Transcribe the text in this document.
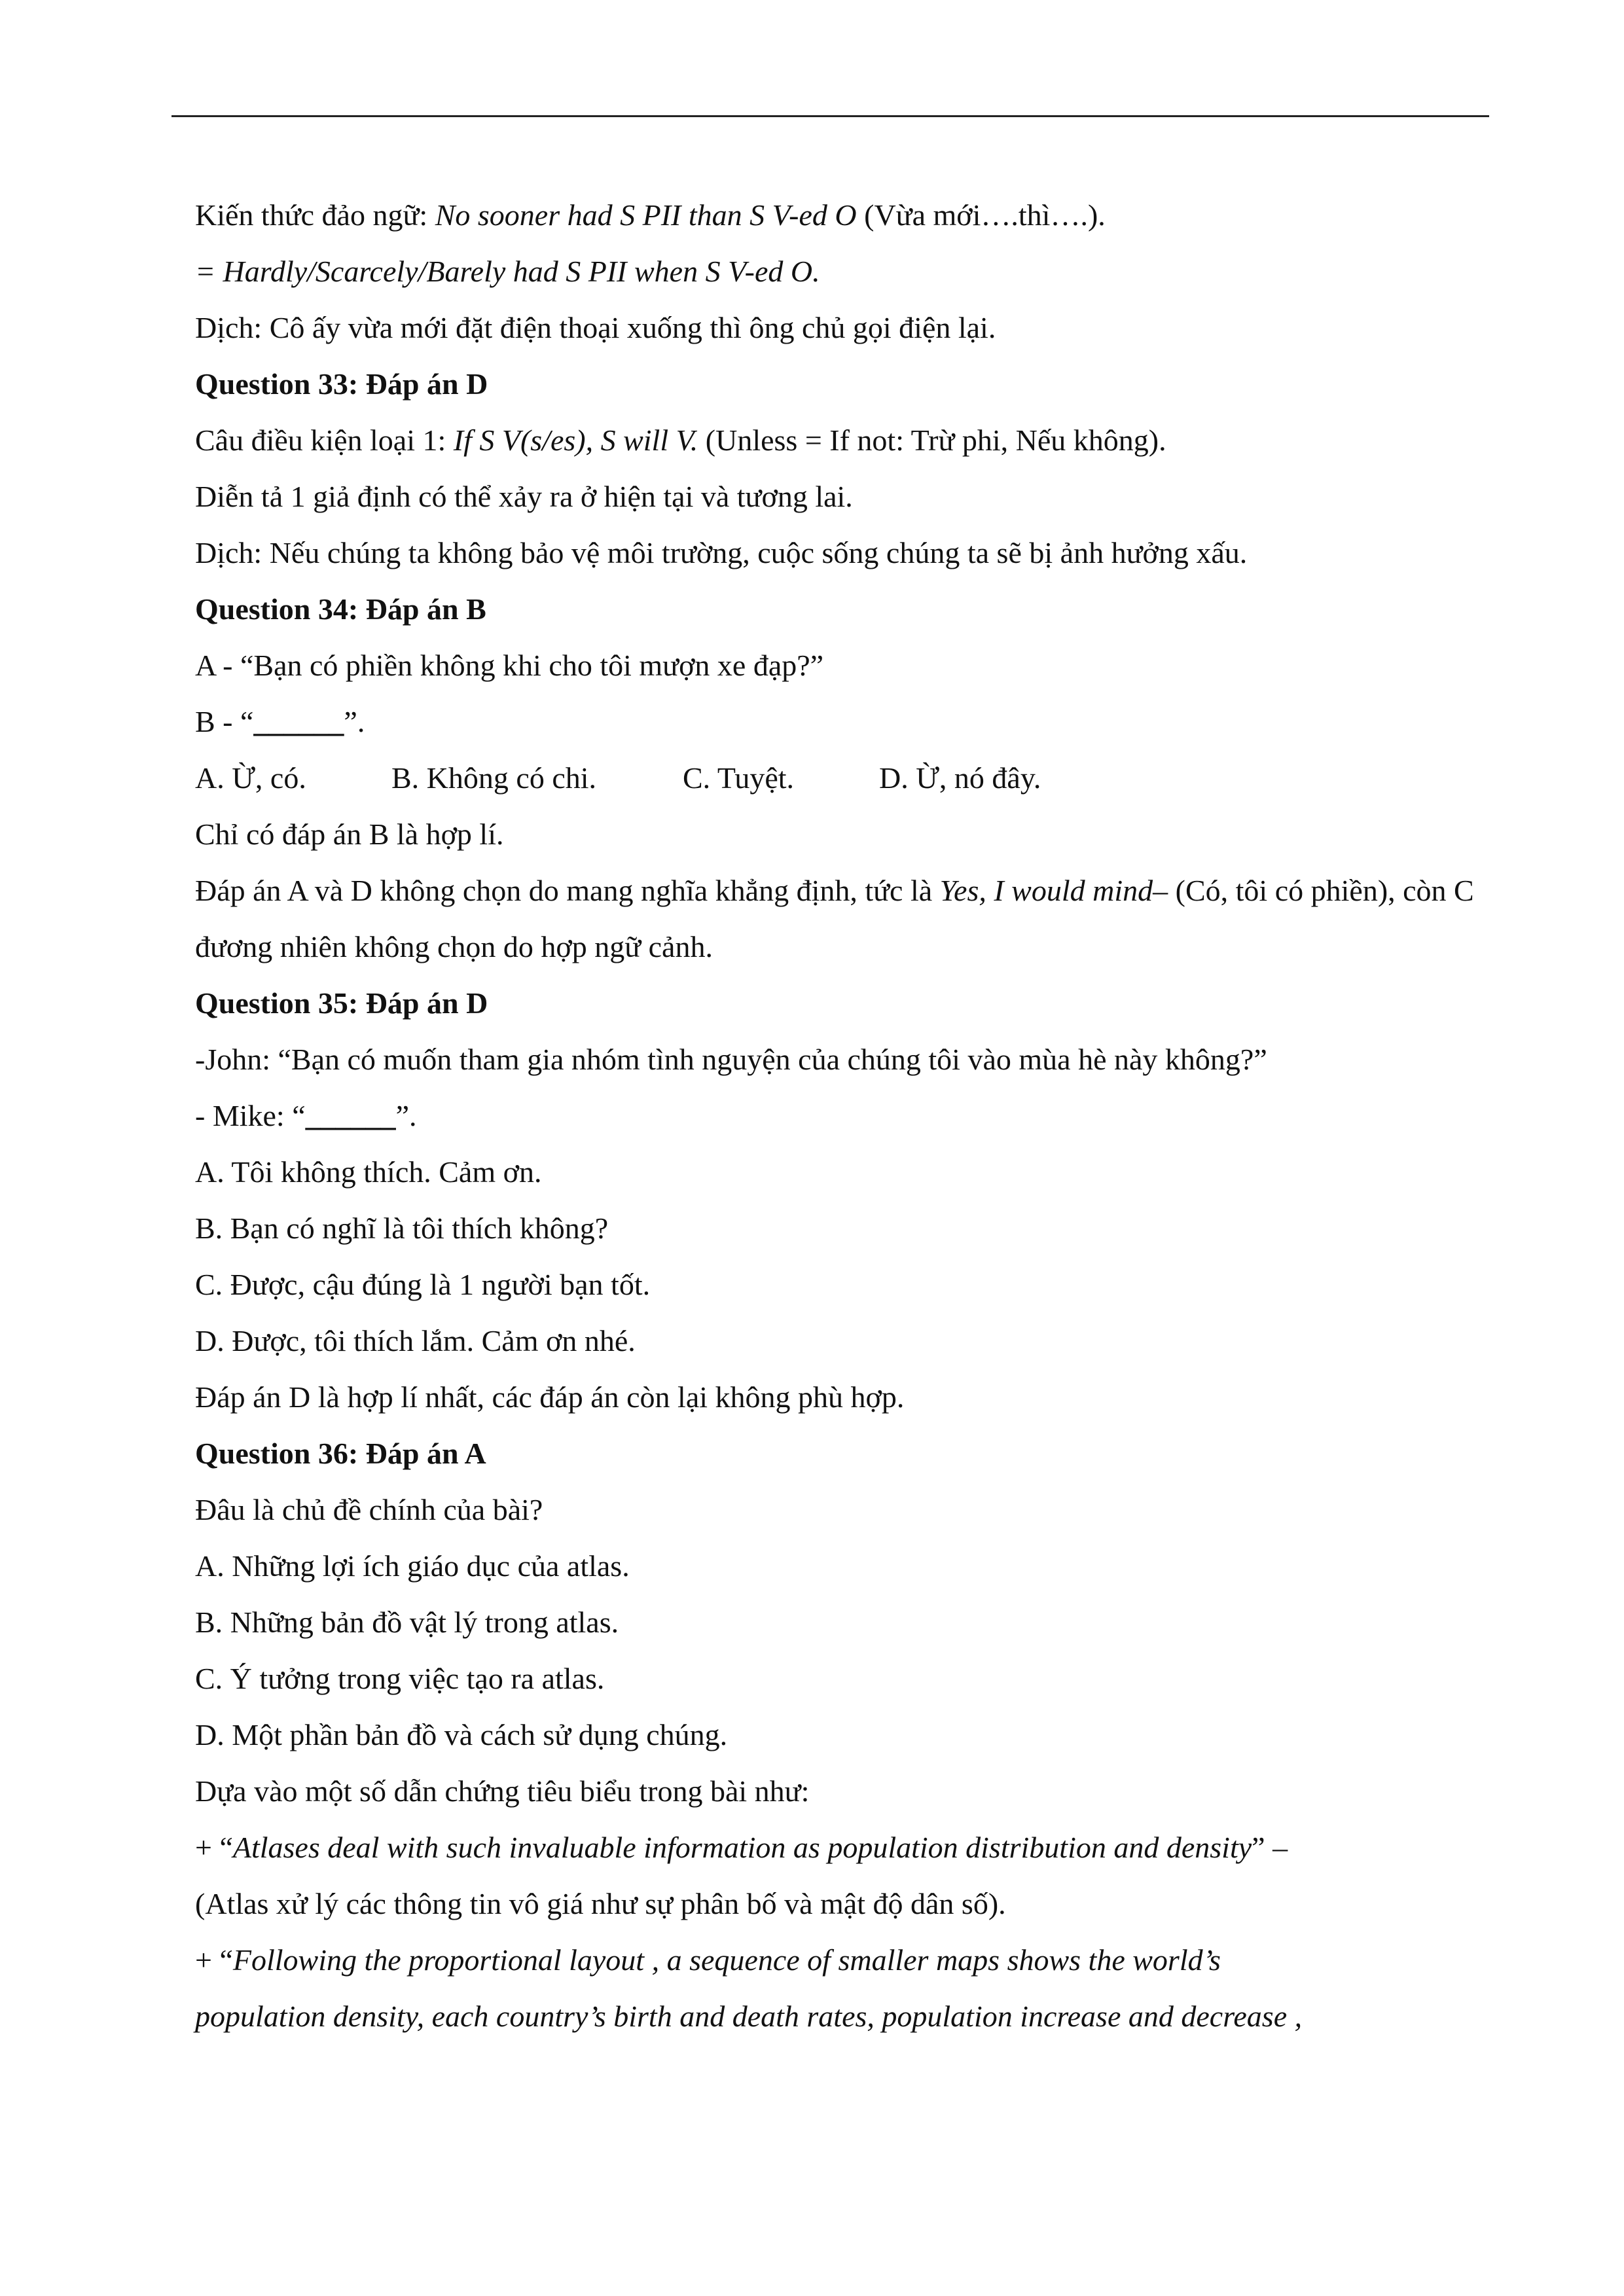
Kiến thức đảo ngữ: No sooner had S PII than S V-ed O (Vừa mới….thì….).
= Hardly/Scarcely/Barely had S PII when S V-ed O.
Dịch: Cô ấy vừa mới đặt điện thoại xuống thì ông chủ gọi điện lại.
Question 33: Đáp án D
Câu điều kiện loại 1: If S V(s/es), S will V. (Unless = If not: Trừ phi, Nếu không).
Diễn tả 1 giả định có thể xảy ra ở hiện tại và tương lai.
Dịch: Nếu chúng ta không bảo vệ môi trường, cuộc sống chúng ta sẽ bị ảnh hưởng xấu.
Question 34: Đáp án B
A - “Bạn có phiền không khi cho tôi mượn xe đạp?”
B - “______”.
A. Ừ, có.	B. Không có chi.	C. Tuyệt.	D. Ừ, nó đây.
Chỉ có đáp án B là hợp lí.
Đáp án A và D không chọn do mang nghĩa khẳng định, tức là Yes, I would mind– (Có, tôi có phiền), còn C đương nhiên không chọn do hợp ngữ cảnh.
Question 35: Đáp án D
-John: “Bạn có muốn tham gia nhóm tình nguyện của chúng tôi vào mùa hè này không?”
- Mike: “______”.
A. Tôi không thích. Cảm ơn.
B. Bạn có nghĩ là tôi thích không?
C. Được, cậu đúng là 1 người bạn tốt.
D. Được, tôi thích lắm. Cảm ơn nhé.
Đáp án D là hợp lí nhất, các đáp án còn lại không phù hợp.
Question 36: Đáp án A
Đâu là chủ đề chính của bài?
A. Những lợi ích giáo dục của atlas.
B. Những bản đồ vật lý trong atlas.
C. Ý tưởng trong việc tạo ra atlas.
D. Một phần bản đồ và cách sử dụng chúng.
Dựa vào một số dẫn chứng tiêu biểu trong bài như:
+ “Atlases deal with such invaluable information as population distribution and density” –
(Atlas xử lý các thông tin vô giá như sự phân bố và mật độ dân số).
+ “Following the proportional layout , a sequence of smaller maps shows the world’s
population density, each country’s birth and death rates, population increase and decrease ,
